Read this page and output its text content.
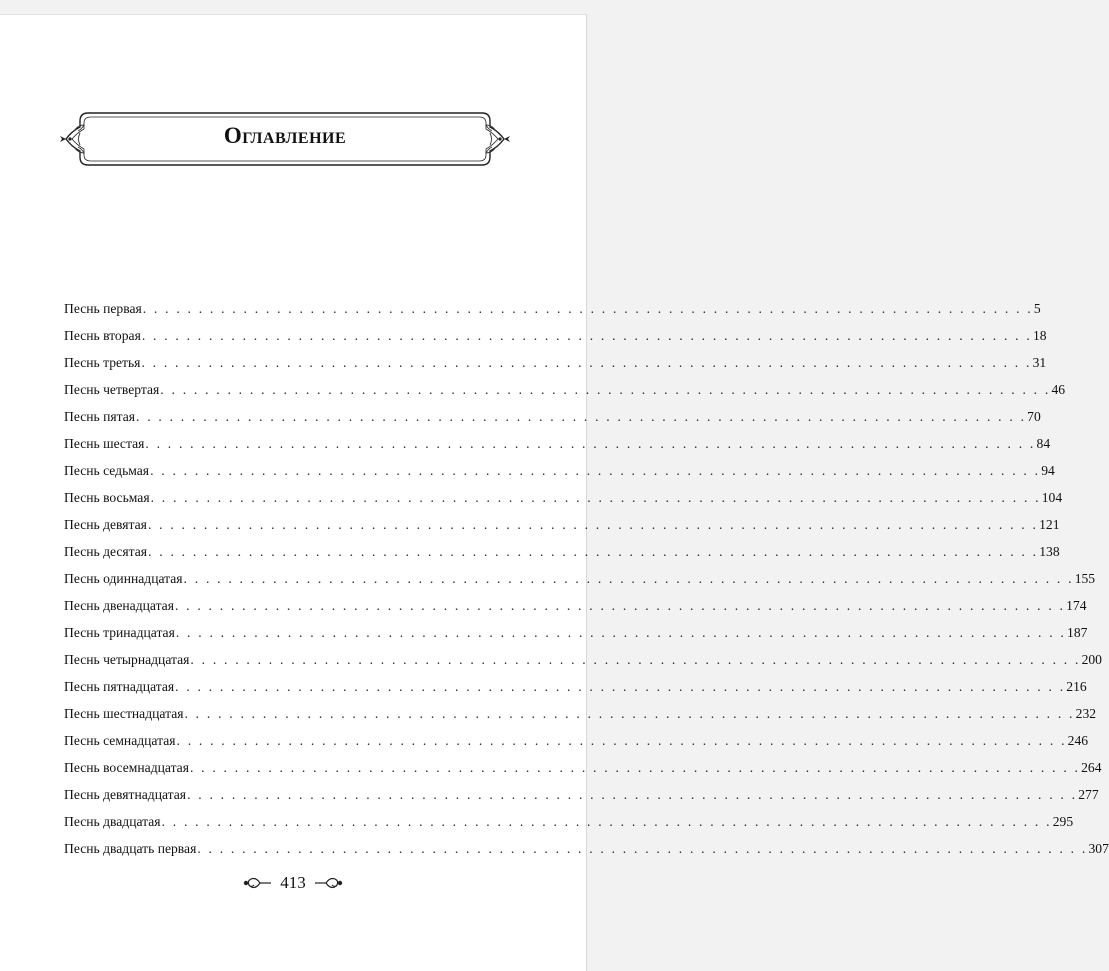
Оглавление
Песнь первая . . . . . . . . . . . . . . . . . . . . . . . . . . . . . . . . . . . . . . . . . . . . . . . . . . . . . . . . . . . . . . . . . . . . . . . . . . . . . . . . 5
Песнь вторая . . . . . . . . . . . . . . . . . . . . . . . . . . . . . . . . . . . . . . . . . . . . . . . . . . . . . . . . . . . . . . . . . . . . . . . . . . . . . . . . 18
Песнь третья . . . . . . . . . . . . . . . . . . . . . . . . . . . . . . . . . . . . . . . . . . . . . . . . . . . . . . . . . . . . . . . . . . . . . . . . . . . . . . . . 31
Песнь четвертая . . . . . . . . . . . . . . . . . . . . . . . . . . . . . . . . . . . . . . . . . . . . . . . . . . . . . . . . . . . . . . . . . . . . . . . . . . . . . . . . 46
Песнь пятая . . . . . . . . . . . . . . . . . . . . . . . . . . . . . . . . . . . . . . . . . . . . . . . . . . . . . . . . . . . . . . . . . . . . . . . . . . . . . . . . 70
Песнь шестая . . . . . . . . . . . . . . . . . . . . . . . . . . . . . . . . . . . . . . . . . . . . . . . . . . . . . . . . . . . . . . . . . . . . . . . . . . . . . . . . 84
Песнь седьмая . . . . . . . . . . . . . . . . . . . . . . . . . . . . . . . . . . . . . . . . . . . . . . . . . . . . . . . . . . . . . . . . . . . . . . . . . . . . . . . . 94
Песнь восьмая . . . . . . . . . . . . . . . . . . . . . . . . . . . . . . . . . . . . . . . . . . . . . . . . . . . . . . . . . . . . . . . . . . . . . . . . . . . . . . . . 104
Песнь девятая . . . . . . . . . . . . . . . . . . . . . . . . . . . . . . . . . . . . . . . . . . . . . . . . . . . . . . . . . . . . . . . . . . . . . . . . . . . . . . . . 121
Песнь десятая . . . . . . . . . . . . . . . . . . . . . . . . . . . . . . . . . . . . . . . . . . . . . . . . . . . . . . . . . . . . . . . . . . . . . . . . . . . . . . . . 138
Песнь одиннадцатая . . . . . . . . . . . . . . . . . . . . . . . . . . . . . . . . . . . . . . . . . . . . . . . . . . . . . . . . . . . . . . . . . . . . . . . . . . . . . . . . 155
Песнь двенадцатая . . . . . . . . . . . . . . . . . . . . . . . . . . . . . . . . . . . . . . . . . . . . . . . . . . . . . . . . . . . . . . . . . . . . . . . . . . . . . . . . 174
Песнь тринадцатая . . . . . . . . . . . . . . . . . . . . . . . . . . . . . . . . . . . . . . . . . . . . . . . . . . . . . . . . . . . . . . . . . . . . . . . . . . . . . . . . 187
Песнь четырнадцатая . . . . . . . . . . . . . . . . . . . . . . . . . . . . . . . . . . . . . . . . . . . . . . . . . . . . . . . . . . . . . . . . . . . . . . . . . . . . . . . . 200
Песнь пятнадцатая . . . . . . . . . . . . . . . . . . . . . . . . . . . . . . . . . . . . . . . . . . . . . . . . . . . . . . . . . . . . . . . . . . . . . . . . . . . . . . . . 216
Песнь шестнадцатая . . . . . . . . . . . . . . . . . . . . . . . . . . . . . . . . . . . . . . . . . . . . . . . . . . . . . . . . . . . . . . . . . . . . . . . . . . . . . . . . 232
Песнь семнадцатая . . . . . . . . . . . . . . . . . . . . . . . . . . . . . . . . . . . . . . . . . . . . . . . . . . . . . . . . . . . . . . . . . . . . . . . . . . . . . . . . 246
Песнь восемнадцатая . . . . . . . . . . . . . . . . . . . . . . . . . . . . . . . . . . . . . . . . . . . . . . . . . . . . . . . . . . . . . . . . . . . . . . . . . . . . . . . . 264
Песнь девятнадцатая . . . . . . . . . . . . . . . . . . . . . . . . . . . . . . . . . . . . . . . . . . . . . . . . . . . . . . . . . . . . . . . . . . . . . . . . . . . . . . . . 277
Песнь двадцатая . . . . . . . . . . . . . . . . . . . . . . . . . . . . . . . . . . . . . . . . . . . . . . . . . . . . . . . . . . . . . . . . . . . . . . . . . . . . . . . . 295
Песнь двадцать первая . . . . . . . . . . . . . . . . . . . . . . . . . . . . . . . . . . . . . . . . . . . . . . . . . . . . . . . . . . . . . . . . . . . . . . . . . . . . . . . . 307
413
